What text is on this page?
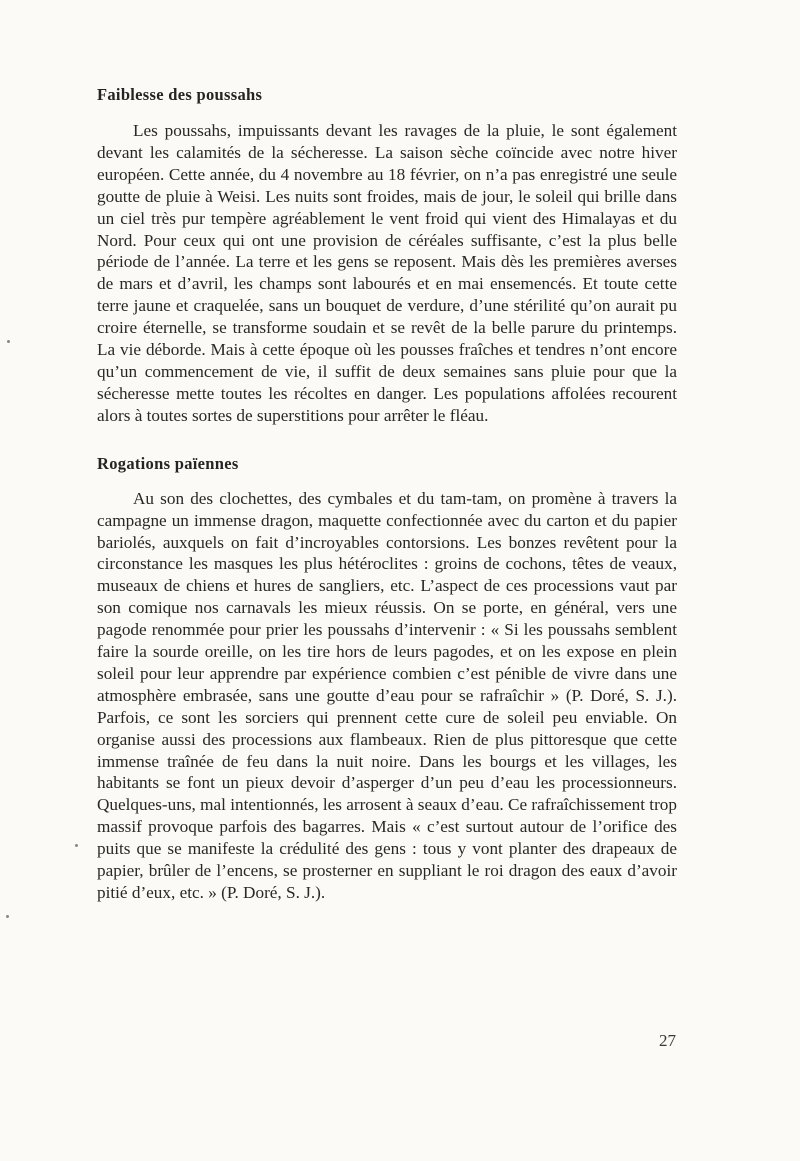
Faiblesse des poussahs

Les poussahs, impuissants devant les ravages de la pluie, le sont également devant les calamités de la sécheresse. La saison sèche coïncide avec notre hiver européen. Cette année, du 4 novembre au 18 février, on n’a pas enregistré une seule goutte de pluie à Weisi. Les nuits sont froides, mais de jour, le soleil qui brille dans un ciel très pur tempère agréablement le vent froid qui vient des Himalayas et du Nord. Pour ceux qui ont une provision de céréales suffisante, c’est la plus belle période de l’année. La terre et les gens se reposent. Mais dès les premières averses de mars et d’avril, les champs sont labourés et en mai ensemencés. Et toute cette terre jaune et craquelée, sans un bouquet de verdure, d’une stérilité qu’on aurait pu croire éternelle, se transforme soudain et se revêt de la belle parure du printemps. La vie déborde. Mais à cette époque où les pousses fraîches et tendres n’ont encore qu’un commencement de vie, il suffit de deux semaines sans pluie pour que la sécheresse mette toutes les récoltes en danger. Les populations affolées recourent alors à toutes sortes de superstitions pour arrêter le fléau.

Rogations païennes

Au son des clochettes, des cymbales et du tam-tam, on promène à travers la campagne un immense dragon, maquette confectionnée avec du carton et du papier bariolés, auxquels on fait d’incroyables contorsions. Les bonzes revêtent pour la circonstance les masques les plus hétéroclites : groins de cochons, têtes de veaux, museaux de chiens et hures de sangliers, etc. L’aspect de ces processions vaut par son comique nos carnavals les mieux réussis. On se porte, en général, vers une pagode renommée pour prier les poussahs d’intervenir : « Si les poussahs semblent faire la sourde oreille, on les tire hors de leurs pagodes, et on les expose en plein soleil pour leur apprendre par expérience combien c’est pénible de vivre dans une atmosphère embrasée, sans une goutte d’eau pour se rafraîchir » (P. Doré, S. J.). Parfois, ce sont les sorciers qui prennent cette cure de soleil peu enviable. On organise aussi des processions aux flambeaux. Rien de plus pittoresque que cette immense traînée de feu dans la nuit noire. Dans les bourgs et les villages, les habitants se font un pieux devoir d’asperger d’un peu d’eau les processionneurs. Quelques-uns, mal intentionnés, les arrosent à seaux d’eau. Ce rafraîchissement trop massif provoque parfois des bagarres. Mais « c’est surtout autour de l’orifice des puits que se manifeste la crédulité des gens : tous y vont planter des drapeaux de papier, brûler de l’encens, se prosterner en suppliant le roi dragon des eaux d’avoir pitié d’eux, etc. » (P. Doré, S. J.).

27
